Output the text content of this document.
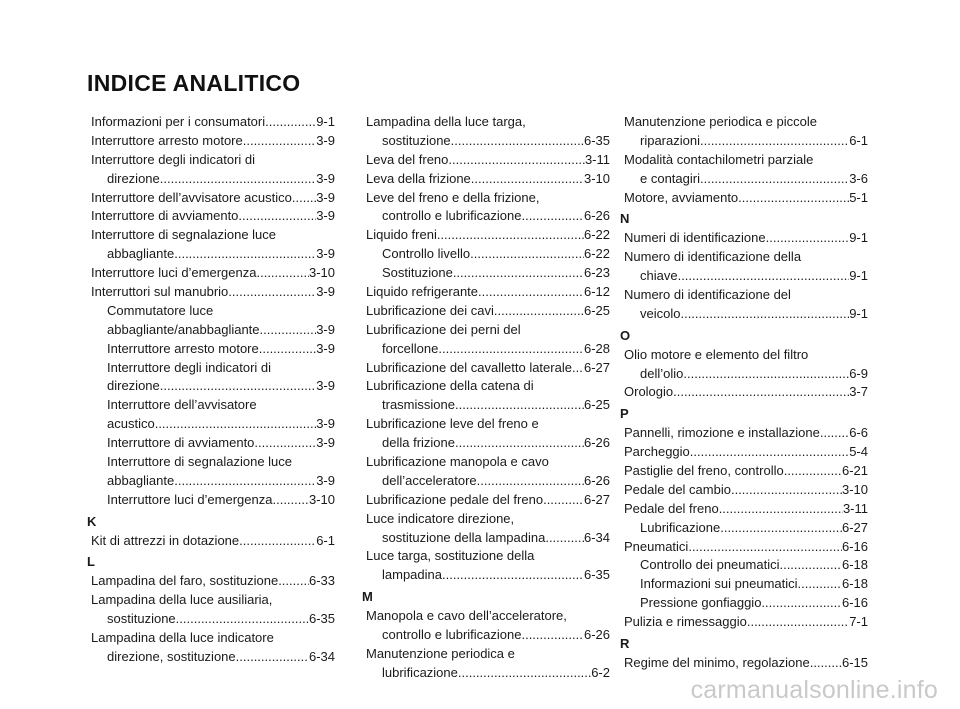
INDICE ANALITICO
Informazioni per i consumatori .....	9-1
Interruttore arresto motore .....	3-9
Interruttore degli indicatori di
direzione .....	3-9
Interruttore dell’avvisatore acustico ..... 3-9
Interruttore di avviamento .....	3-9
Interruttore di segnalazione luce
abbagliante .....	3-9
Interruttore luci d’emergenza .....	3-10
Interruttori sul manubrio .....	3-9
Commutatore luce
abbagliante/anabbagliante .....	3-9
Interruttore arresto motore .....	3-9
Interruttore degli indicatori di
direzione .....	3-9
Interruttore dell’avvisatore
acustico .....	3-9
Interruttore di avviamento .....	3-9
Interruttore di segnalazione luce
abbagliante .....	3-9
Interruttore luci d’emergenza .....	3-10
K
Kit di attrezzi in dotazione .....	6-1
L
Lampadina del faro, sostituzione ..... 6-33
Lampadina della luce ausiliaria,
sostituzione .....	6-35
Lampadina della luce indicatore
direzione, sostituzione .....	6-34
Lampadina della luce targa,
sostituzione .....	6-35
Leva del freno .....	3-11
Leva della frizione .....	3-10
Leve del freno e della frizione,
controllo e lubrificazione .....	6-26
Liquido freni .....	6-22
Controllo livello .....	6-22
Sostituzione .....	6-23
Liquido refrigerante .....	6-12
Lubrificazione dei cavi .....	6-25
Lubrificazione dei perni del
forcellone .....	6-28
Lubrificazione del cavalletto laterale ..... 6-27
Lubrificazione della catena di
trasmissione .....	6-25
Lubrificazione leve del freno e
della frizione .....	6-26
Lubrificazione manopola e cavo
dell’acceleratore .....	6-26
Lubrificazione pedale del freno .....	6-27
Luce indicatore direzione,
sostituzione della lampadina .....	6-34
Luce targa, sostituzione della
lampadina .....	6-35
M
Manopola e cavo dell’acceleratore,
controllo e lubrificazione .....	6-26
Manutenzione periodica e
lubrificazione .....	6-2
Manutenzione periodica e piccole
riparazioni .....	6-1
Modalità contachilometri parziale
e contagiri .....	3-6
Motore, avviamento .....	5-1
N
Numeri di identificazione .....	9-1
Numero di identificazione della
chiave .....	9-1
Numero di identificazione del
veicolo .....	9-1
O
Olio motore e elemento del filtro
dell’olio .....	6-9
Orologio .....	3-7
P
Pannelli, rimozione e installazione ..... 6-6
Parcheggio .....	5-4
Pastiglie del freno, controllo .....	6-21
Pedale del cambio .....	3-10
Pedale del freno .....	3-11
Lubrificazione .....	6-27
Pneumatici .....	6-16
Controllo dei pneumatici .....	6-18
Informazioni sui pneumatici .....	6-18
Pressione gonfiaggio .....	6-16
Pulizia e rimessaggio .....	7-1
R
Regime del minimo, regolazione ..... 6-15
carmanualsonline.info
